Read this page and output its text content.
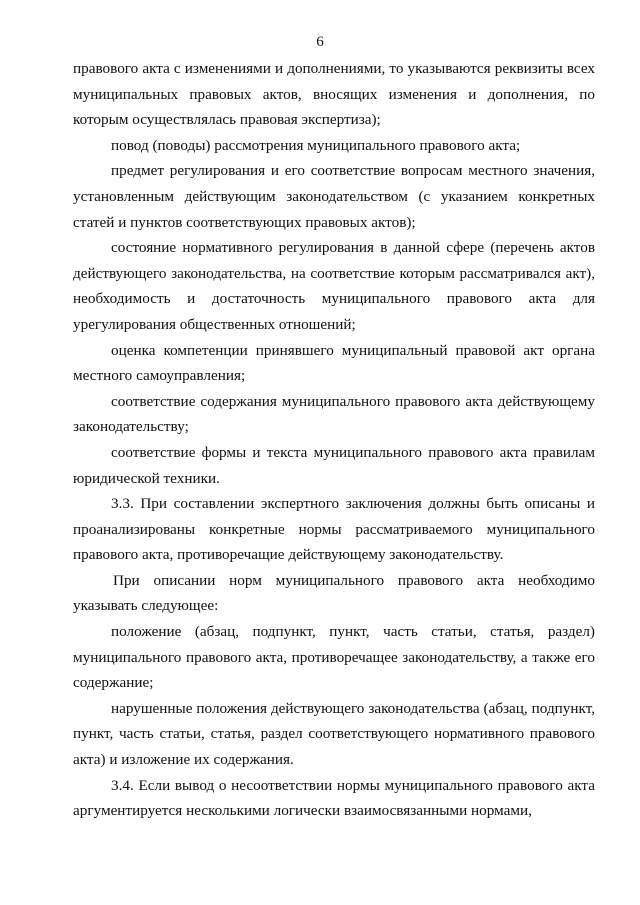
6

правового акта с изменениями и дополнениями, то указываются реквизиты всех муниципальных правовых актов, вносящих изменения и дополнения, по которым осуществлялась правовая экспертиза);

повод (поводы) рассмотрения муниципального правового акта;

предмет регулирования и его соответствие вопросам местного значения, установленным действующим законодательством (с указанием конкретных статей и пунктов соответствующих правовых актов);

состояние нормативного регулирования в данной сфере (перечень актов действующего законодательства, на соответствие которым рассматривался акт), необходимость и достаточность муниципального правового акта для урегулирования общественных отношений;

оценка компетенции принявшего муниципальный правовой акт органа местного самоуправления;

соответствие содержания муниципального правового акта действующему законодательству;

соответствие формы и текста муниципального правового акта правилам юридической техники.

3.3. При составлении экспертного заключения должны быть описаны и проанализированы конкретные нормы рассматриваемого муниципального правового акта, противоречащие действующему законодательству.

При описании норм муниципального правового акта необходимо указывать следующее:

положение (абзац, подпункт, пункт, часть статьи, статья, раздел) муниципального правового акта, противоречащее законодательству, а также его содержание;

нарушенные положения действующего законодательства (абзац, подпункт, пункт, часть статьи, статья, раздел соответствующего нормативного правового акта) и изложение их содержания.

3.4. Если вывод о несоответствии нормы муниципального правового акта аргументируется несколькими логически взаимосвязанными нормами,
